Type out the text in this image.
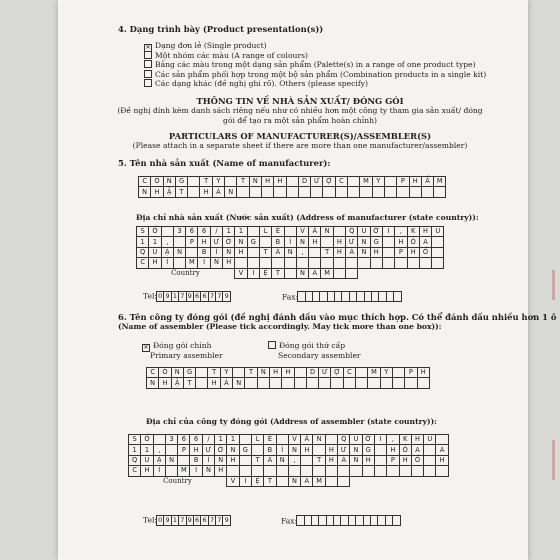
4. Dạng trình bày (Product presentation(s))
✕ Dạng đơn lẻ (Single product)
Một nhóm các màu (A range of colours)
Bảng các màu trong một dạng sản phẩm (Palette(s) in a range of one product type)
Các sản phẩm phối hợp trong một bộ sản phẩm (Combination products in a single kit)
Các dạng khác (đề nghị ghi rõ). Others (please specify)
THÔNG TIN VỀ NHÀ SẢN XUẤT/ ĐÓNG GÓI
(Đề nghị đính kèm danh sách riêng nếu như có nhiều hơn một công ty tham gia sản xuất/ đóng
gói để tạo ra một sản phẩm hoàn chỉnh)
PARTICULARS OF MANUFACTURER(S)/ASSEMBLER(S)
(Please attach in a separate sheet if there are more than one manufacturer/assembler)
5. Tên nhà sản xuất (Name of manufacturer):
C	Ô	N	G		T	Y		T	N	H	H		D	Ư	Ợ	C		M	Ỹ		P	H	Ẩ	M
N	H	Ậ	T		H	À	N																	
Địa chỉ nhà sản xuất (Nước sản xuất) (Address of manufacturer (state country)):
S	Ố		3	6	6	/	1	1		L	Ê		V	Ă	N		Q	U	Ớ	I	,	K	H	U
1	1	,		P	H	Ư	Ờ	N	G		B	Ì	N	H		H	Ư	N	G		H	Ò	A	
Q	U	Ậ	N		B	Ì	N	H		T	Â	N	,		T	H	À	N	H		P	H	Ố	
C	H	Í		M	I	N	H																	
Country								V	I	Ệ	T		N	A	M									
Tel:0 9 1 7 9 6 6 7 7 9	Fax:
6. Tên công ty đóng gói (đề nghị đánh dấu vào mục thích hợp. Có thể đánh dấu nhiều hơn 1 ô
(Name of assembler (Please tick accordingly. May tick more than one box)):
✕ Đóng gói chính
Primary assembler
Đóng gói thứ cấp
Secondary assembler
C	Ô	N	G		T	Y		T	N	H	H		D	Ư	Ợ	C		M	Ỹ		P	H
N	H	Ậ	T		H	À	N															
Địa chỉ của công ty đóng gói (Address of assembler (state country)):
S	Ố		3	6	6	/	1	1		L	Ê		V	Ă	N		Q	U	Ớ	I	,	K	H	U	
1	1	,		P	H	Ư	Ờ	N	G		B	Ì	N	H		H	Ư	N	G		H	Ò	A		A
Q	U	Ậ	N		B	Ì	N	H		T	Â	N	,		T	H	À	N	H		P	H	Ố		H
C	H	Í		M	I	N	H																		
Country								V	I	Ệ	T		N	A	M										
Tel:0 9 1 7 9 6 6 7 7 9	Fax:
